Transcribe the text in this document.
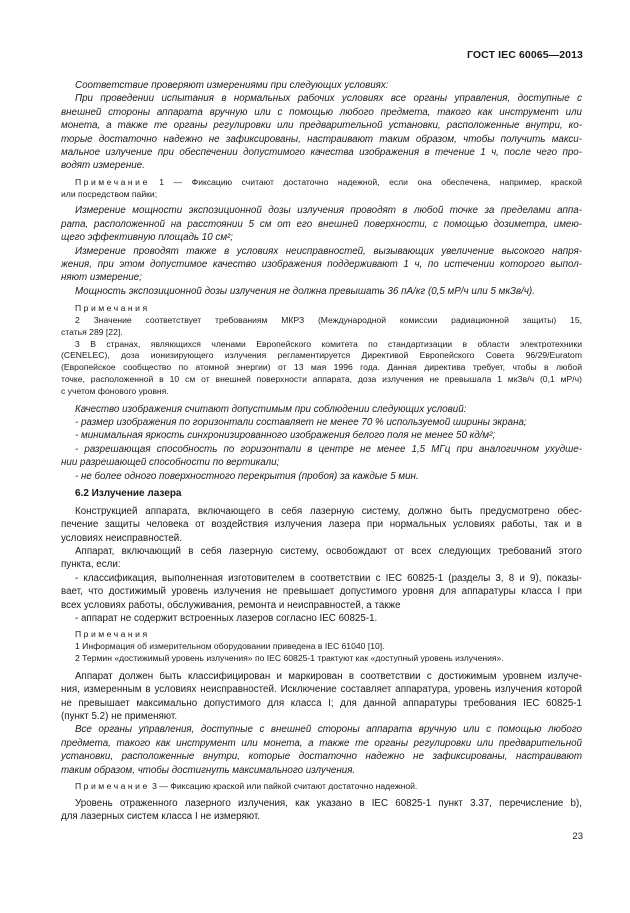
ГОСТ IEC 60065—2013

Соответствие проверяют измерениями при следующих условиях:
При проведении испытания в нормальных рабочих условиях все органы управления, доступные с
внешней стороны аппарата вручную или с помощью любого предмета, такого как инструмент или
монета, а также те органы регулировки или предварительной установки, расположенные внутри, ко-
торые достаточно надежно не зафиксированы, настраивают таким образом, чтобы получить макси-
мальное излучение при обеспечении допустимого качества изображения в течение 1 ч, после чего про-
водят измерение.

Примечание 1 — Фиксацию считают достаточно надежной, если она обеспечена, например, краской
или посредством пайки;

Измерение мощности экспозиционной дозы излучения проводят в любой точке за пределами аппа-
рата, расположенной на расстоянии 5 см от его внешней поверхности, с помощью дозиметра, имею-
щего эффективную площадь 10 см²;
Измерение проводят также в условиях неисправностей, вызывающих увеличение высокого напря-
жения, при этом допустимое качество изображения поддерживают 1 ч, по истечении которого выпол-
няют измерение;
Мощность экспозиционной дозы излучения не должна превышать 36 пА/кг (0,5 мР/ч или 5 мкЗв/ч).

Примечания
2 Значение соответствует требованиям МКРЗ (Международной комиссии радиационной защиты) 15,
статья 289 [22].
3 В странах, являющихся членами Европейского комитета по стандартизации в области электротехники
(CENELEC), доза ионизирующего излучения регламентируется Директивой Европейского Совета 96/29/Euratom
(Европейское сообщество по атомной энергии) от 13 мая 1996 года. Данная директива требует, чтобы в любой
точке, расположенной в 10 см от внешней поверхности аппарата, доза излучения не превышала 1 мкЗв/ч (0,1 мР/ч)
с учетом фонового уровня.

Качество изображения считают допустимым при соблюдении следующих условий:
- размер изображения по горизонтали составляет не менее 70 % используемой ширины экрана;
- минимальная яркость синхронизированного изображения белого поля не менее 50 кд/м²;
- разрешающая способность по горизонтали в центре не менее 1,5 МГц при аналогичном ухудше-
нии разрешающей способности по вертикали;
- не более одного поверхностного перекрытия (пробоя) за каждые 5 мин.

6.2 Излучение лазера

Конструкцией аппарата, включающего в себя лазерную систему, должно быть предусмотрено обес-
печение защиты человека от воздействия излучения лазера при нормальных условиях работы, так и в
условиях неисправностей.
Аппарат, включающий в себя лазерную систему, освобождают от всех следующих требований этого
пункта, если:
- классификация, выполненная изготовителем в соответствии с IEC 60825-1 (разделы 3, 8 и 9), показы-
вает, что достижимый уровень излучения не превышает допустимого уровня для аппаратуры класса I при
всех условиях работы, обслуживания, ремонта и неисправностей, а также
- аппарат не содержит встроенных лазеров согласно IEC 60825-1.

Примечания
1 Информация об измерительном оборудовании приведена в IEC 61040 [10].
2 Термин «достижимый уровень излучения» по IEC 60825-1 трактуют как «доступный уровень излучения».

Аппарат должен быть классифицирован и маркирован в соответствии с достижимым уровнем излуче-
ния, измеренным в условиях неисправностей. Исключение составляет аппаратура, уровень излучения которой
не превышает максимально допустимого для класса I; для данной аппаратуры требования IEC 60825-1
(пункт 5.2) не применяют.

Все органы управления, доступные с внешней стороны аппарата вручную или с помощью любого
предмета, такого как инструмент или монета, а также те органы регулировки или предварительной
установки, расположенные внутри, которые достаточно надежно не зафиксированы, настраивают
таким образом, чтобы достигнуть максимального излучения.

Примечание 3 — Фиксацию краской или пайкой считают достаточно надежной.

Уровень отраженного лазерного излучения, как указано в IEC 60825-1 пункт 3.37, перечисление b),
для лазерных систем класса I не измеряют.

23
